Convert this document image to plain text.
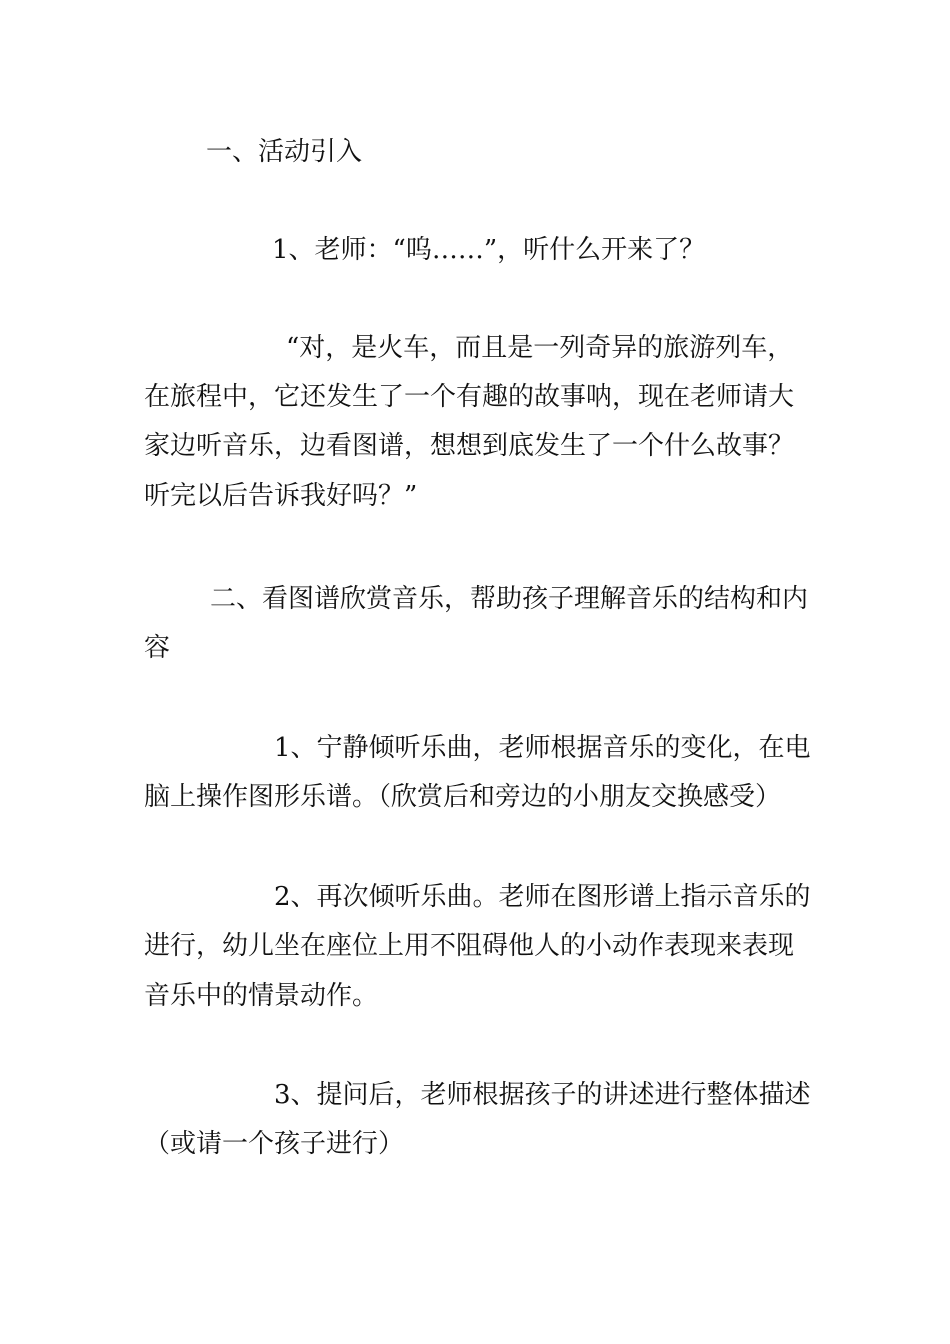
一、活动引入
1、老师：“呜……”，听什么开来了？
“对，是火车，而且是一列奇异的旅游列车，
在旅程中，它还发生了一个有趣的故事呐，现在老师请大
家边听音乐，边看图谱，想想到底发生了一个什么故事？
听完以后告诉我好吗？”
二、看图谱欣赏音乐，帮助孩子理解音乐的结构和内
容
1、宁静倾听乐曲，老师根据音乐的变化，在电
脑上操作图形乐谱。（欣赏后和旁边的小朋友交换感受）
2、再次倾听乐曲。老师在图形谱上指示音乐的
进行，幼儿坐在座位上用不阻碍他人的小动作表现来表现
音乐中的情景动作。
3、提问后，老师根据孩子的讲述进行整体描述
（或请一个孩子进行）
